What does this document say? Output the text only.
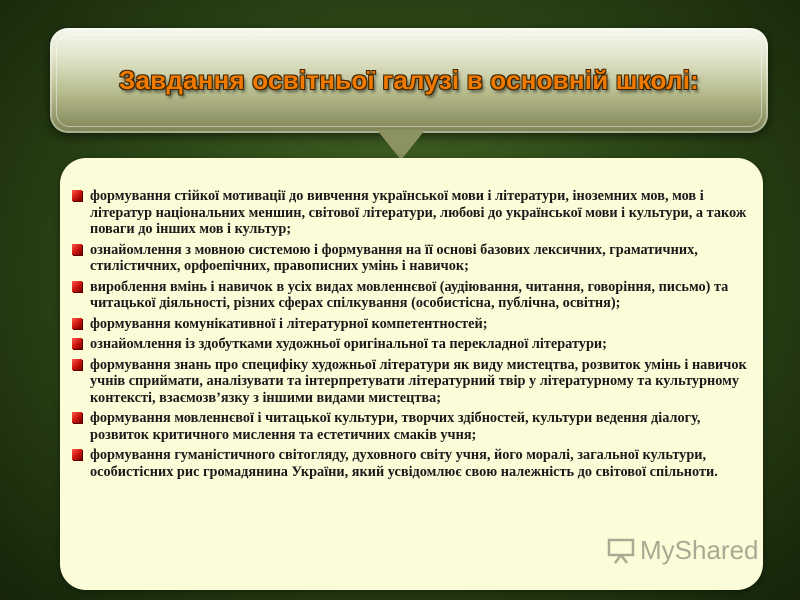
Завдання освітньої галузі в основній школі:
формування стійкої мотивації до вивчення української мови і літератури, іноземних мов, мов і літератур національних меншин, світової літератури, любові до української мови і культури, а також поваги до інших мов і культур;
ознайомлення з мовною системою і формування на її основі базових лексичних, граматичних, стилістичних, орфоепічних, правописних умінь і навичок;
вироблення вмінь і навичок в усіх видах мовленнєвої (аудіювання, читання, говоріння, письмо) та читацької діяльності, різних сферах спілкування (особистісна, публічна, освітня);
формування комунікативної і літературної компетентностей;
ознайомлення із здобутками художньої оригінальної та перекладної літератури;
формування знань про специфіку художньої літератури як виду мистецтва, розвиток умінь і навичок учнів сприймати, аналізувати та інтерпретувати літературний твір у літературному та культурному контексті, взаємозв’язку з іншими видами мистецтва;
формування мовленнєвої і читацької культури, творчих здібностей, культури ведення діалогу, розвиток критичного мислення та естетичних смаків учня;
формування гуманістичного світогляду, духовного світу учня, його моралі, загальної культури, особистісних рис громадянина України, який усвідомлює свою належність до світової спільноти.
MyShared
